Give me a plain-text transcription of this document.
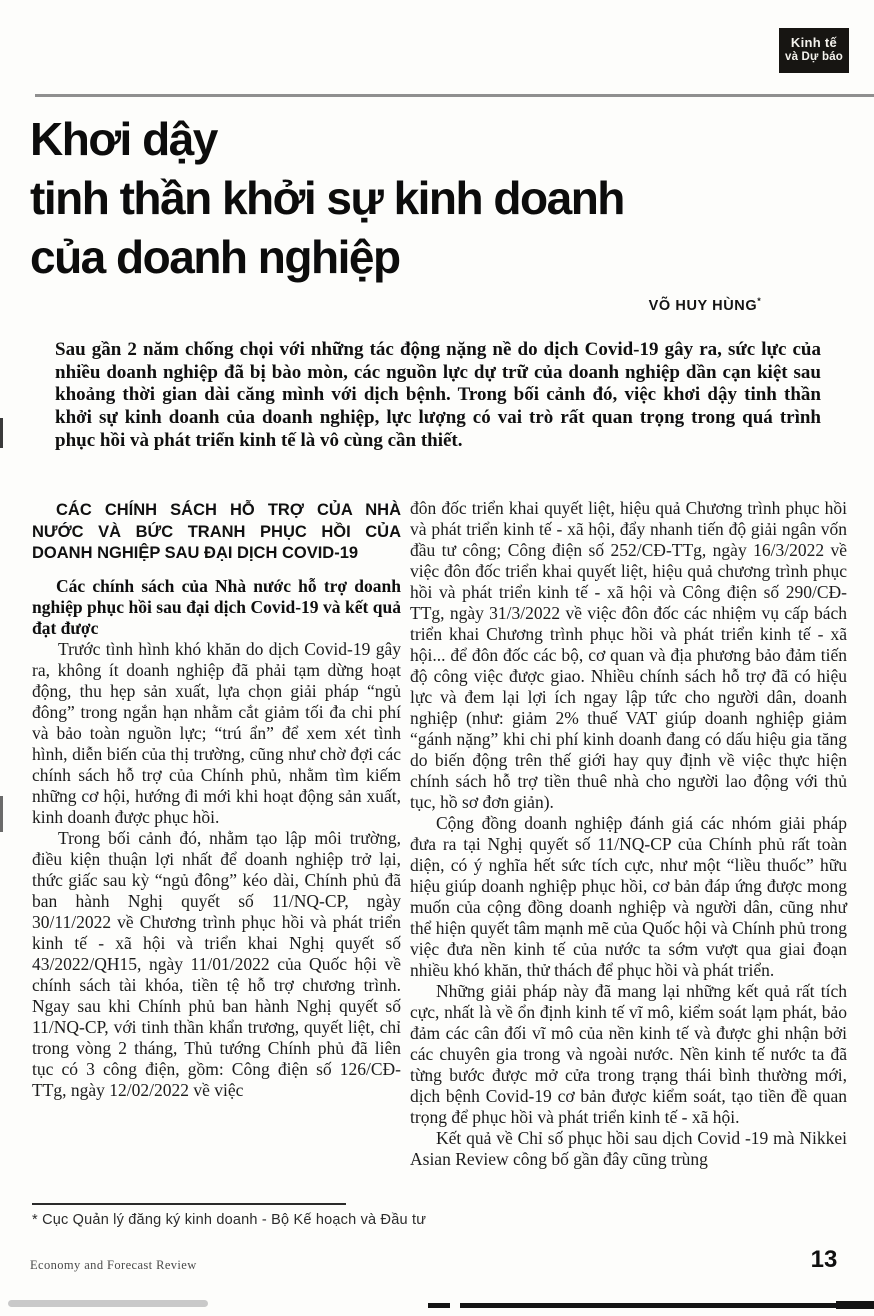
Kinh tế
và Dự báo
Khơi dậy
tinh thần khởi sự kinh doanh
của doanh nghiệp
VÕ HUY HÙNG*
Sau gần 2 năm chống chọi với những tác động nặng nề do dịch Covid-19 gây ra, sức lực của nhiều doanh nghiệp đã bị bào mòn, các nguồn lực dự trữ của doanh nghiệp dần cạn kiệt sau khoảng thời gian dài căng mình với dịch bệnh. Trong bối cảnh đó, việc khơi dậy tinh thần khởi sự kinh doanh của doanh nghiệp, lực lượng có vai trò rất quan trọng trong quá trình phục hồi và phát triển kinh tế là vô cùng cần thiết.
CÁC CHÍNH SÁCH HỖ TRỢ CỦA NHÀ NƯỚC VÀ BỨC TRANH PHỤC HỒI CỦA DOANH NGHIỆP SAU ĐẠI DỊCH COVID-19
Các chính sách của Nhà nước hỗ trợ doanh nghiệp phục hồi sau đại dịch Covid-19 và kết quả đạt được

Trước tình hình khó khăn do dịch Covid-19 gây ra, không ít doanh nghiệp đã phải tạm dừng hoạt động, thu hẹp sản xuất, lựa chọn giải pháp “ngủ đông” trong ngắn hạn nhằm cắt giảm tối đa chi phí và bảo toàn nguồn lực; “trú ẩn” để xem xét tình hình, diễn biến của thị trường, cũng như chờ đợi các chính sách hỗ trợ của Chính phủ, nhằm tìm kiếm những cơ hội, hướng đi mới khi hoạt động sản xuất, kinh doanh được phục hồi.

Trong bối cảnh đó, nhằm tạo lập môi trường, điều kiện thuận lợi nhất để doanh nghiệp trở lại, thức giấc sau kỳ “ngủ đông” kéo dài, Chính phủ đã ban hành Nghị quyết số 11/NQ-CP, ngày 30/11/2022 về Chương trình phục hồi và phát triển kinh tế - xã hội và triển khai Nghị quyết số 43/2022/QH15, ngày 11/01/2022 của Quốc hội về chính sách tài khóa, tiền tệ hỗ trợ chương trình. Ngay sau khi Chính phủ ban hành Nghị quyết số 11/NQ-CP, với tinh thần khẩn trương, quyết liệt, chỉ trong vòng 2 tháng, Thủ tướng Chính phủ đã liên tục có 3 công điện, gồm: Công điện số 126/CĐ-TTg, ngày 12/02/2022 về việc

đôn đốc triển khai quyết liệt, hiệu quả Chương trình phục hồi và phát triển kinh tế - xã hội, đẩy nhanh tiến độ giải ngân vốn đầu tư công; Công điện số 252/CĐ-TTg, ngày 16/3/2022 về việc đôn đốc triển khai quyết liệt, hiệu quả chương trình phục hồi và phát triển kinh tế - xã hội và Công điện số 290/CĐ-TTg, ngày 31/3/2022 về việc đôn đốc các nhiệm vụ cấp bách triển khai Chương trình phục hồi và phát triển kinh tế - xã hội... để đôn đốc các bộ, cơ quan và địa phương bảo đảm tiến độ công việc được giao. Nhiều chính sách hỗ trợ đã có hiệu lực và đem lại lợi ích ngay lập tức cho người dân, doanh nghiệp (như: giảm 2% thuế VAT giúp doanh nghiệp giảm “gánh nặng” khi chi phí kinh doanh đang có dấu hiệu gia tăng do biến động trên thế giới hay quy định về việc thực hiện chính sách hỗ trợ tiền thuê nhà cho người lao động với thủ tục, hồ sơ đơn giản).

Cộng đồng doanh nghiệp đánh giá các nhóm giải pháp đưa ra tại Nghị quyết số 11/NQ-CP của Chính phủ rất toàn diện, có ý nghĩa hết sức tích cực, như một “liều thuốc” hữu hiệu giúp doanh nghiệp phục hồi, cơ bản đáp ứng được mong muốn của cộng đồng doanh nghiệp và người dân, cũng như thể hiện quyết tâm mạnh mẽ của Quốc hội và Chính phủ trong việc đưa nền kinh tế của nước ta sớm vượt qua giai đoạn nhiều khó khăn, thử thách để phục hồi và phát triển.

Những giải pháp này đã mang lại những kết quả rất tích cực, nhất là về ổn định kinh tế vĩ mô, kiểm soát lạm phát, bảo đảm các cân đối vĩ mô của nền kinh tế và được ghi nhận bởi các chuyên gia trong và ngoài nước. Nền kinh tế nước ta đã từng bước được mở cửa trong trạng thái bình thường mới, dịch bệnh Covid-19 cơ bản được kiểm soát, tạo tiền đề quan trọng để phục hồi và phát triển kinh tế - xã hội.

Kết quả về Chỉ số phục hồi sau dịch Covid -19 mà Nikkei Asian Review công bố gần đây cũng trùng

* Cục Quản lý đăng ký kinh doanh - Bộ Kế hoạch và Đầu tư
Economy and Forecast Review	13
